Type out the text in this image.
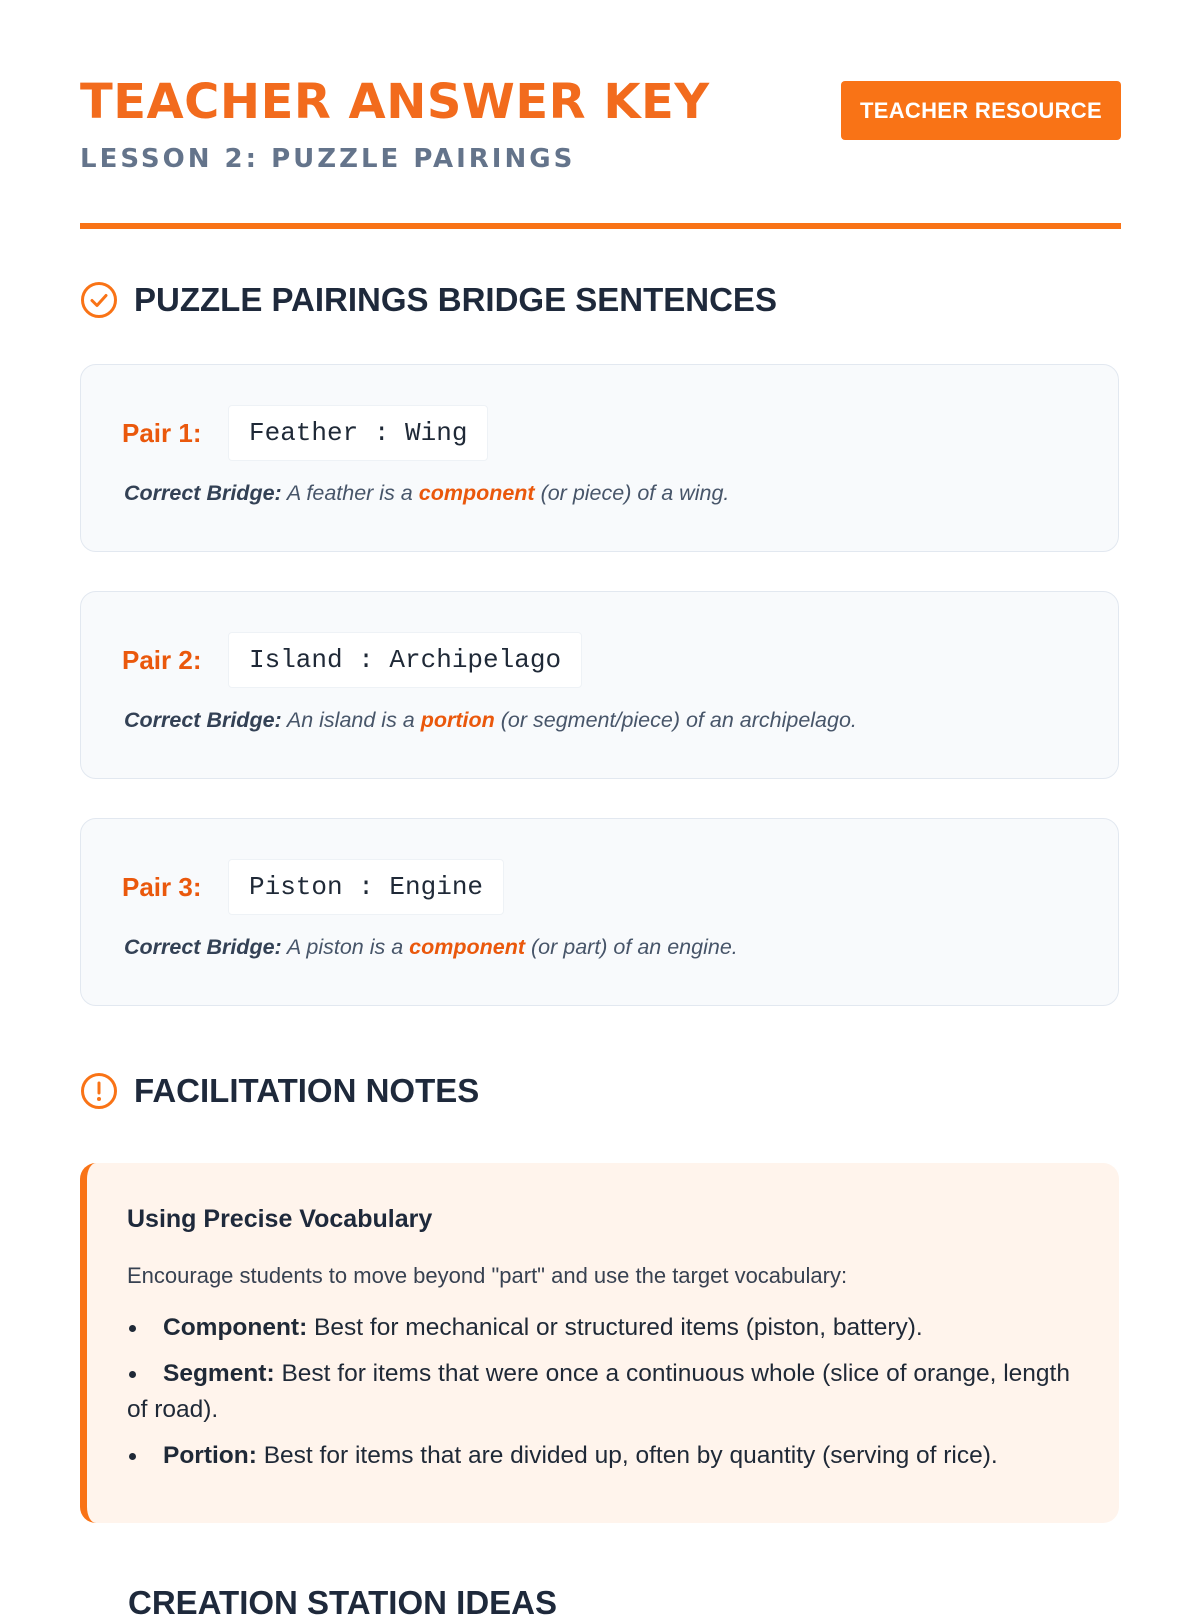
TEACHER ANSWER KEY
LESSON 2: PUZZLE PAIRINGS
TEACHER RESOURCE
PUZZLE PAIRINGS BRIDGE SENTENCES
Pair 1:	Feather : Wing
Correct Bridge: A feather is a component (or piece) of a wing.
Pair 2:	Island : Archipelago
Correct Bridge: An island is a portion (or segment/piece) of an archipelago.
Pair 3:	Piston : Engine
Correct Bridge: A piston is a component (or part) of an engine.
FACILITATION NOTES
Using Precise Vocabulary
Encourage students to move beyond "part" and use the target vocabulary:
Component: Best for mechanical or structured items (piston, battery).
Segment: Best for items that were once a continuous whole (slice of orange, length of road).
Portion: Best for items that are divided up, often by quantity (serving of rice).
CREATION STATION IDEAS
